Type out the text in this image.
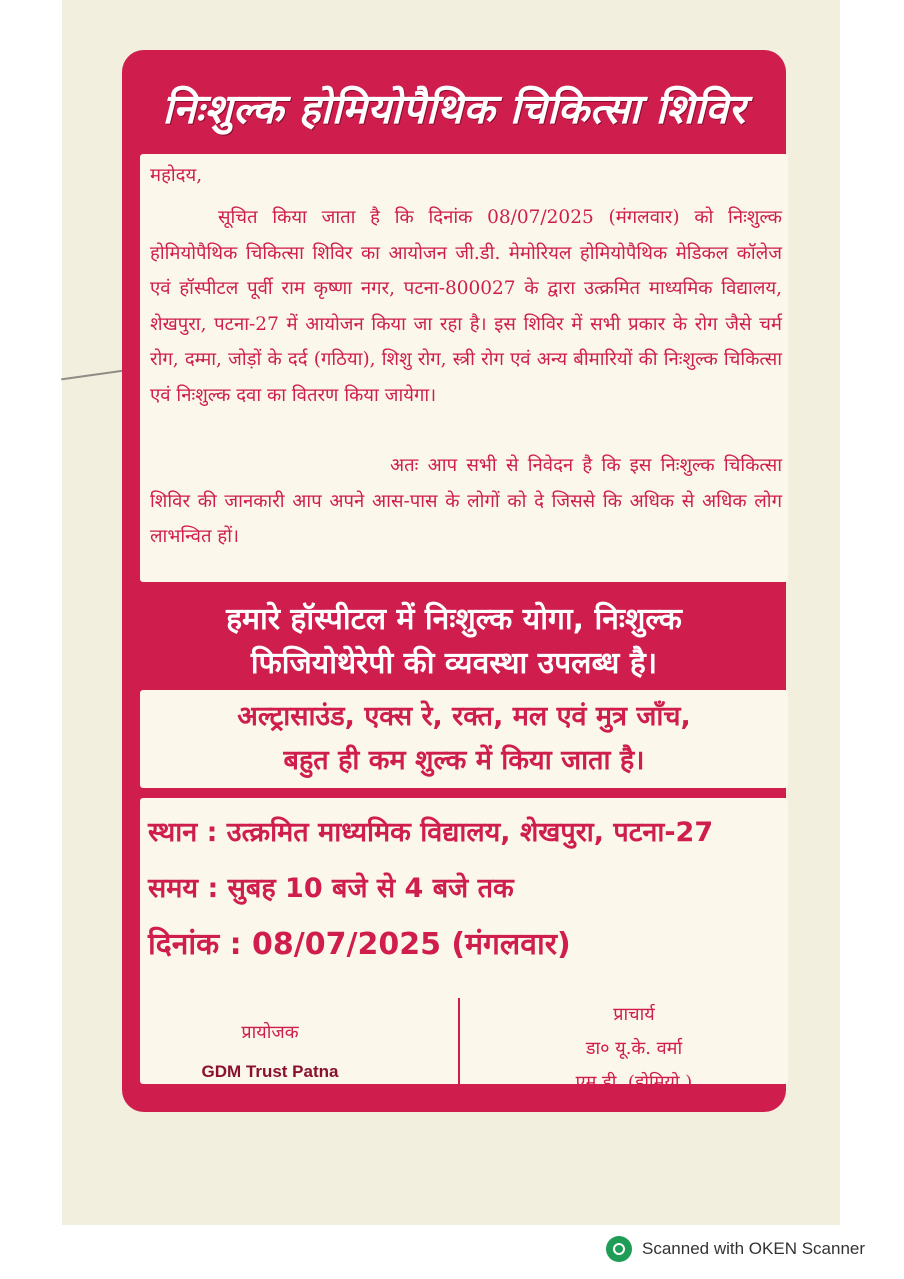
निःशुल्क होमियोपैथिक चिकित्सा शिविर
महोदय,
सूचित किया जाता है कि दिनांक 08/07/2025 (मंगलवार) को निःशुल्क होमियोपैथिक चिकित्सा शिविर का आयोजन जी.डी. मेमोरियल होमियोपैथिक मेडिकल कॉलेज एवं हॉस्पीटल पूर्वी राम कृष्णा नगर, पटना-800027 के द्वारा उत्क्रमित माध्यमिक विद्यालय, शेखपुरा, पटना-27 में आयोजन किया जा रहा है। इस शिविर में सभी प्रकार के रोग जैसे चर्म रोग, दम्मा, जोड़ों के दर्द (गठिया), शिशु रोग, स्त्री रोग एवं अन्य बीमारियों की निःशुल्क चिकित्सा एवं निःशुल्क दवा का वितरण किया जायेगा।
अतः आप सभी से निवेदन है कि इस निःशुल्क चिकित्सा शिविर की जानकारी आप अपने आस-पास के लोगों को दे जिससे कि अधिक से अधिक लोग लाभन्वित हों।
हमारे हॉस्पीटल में निःशुल्क योगा, निःशुल्क
फिजियोथेरेपी की व्यवस्था उपलब्ध है।
अल्ट्रासाउंड, एक्स रे, रक्त, मल एवं मुत्र जाँच,
बहुत ही कम शुल्क में किया जाता है।
स्थान : उत्क्रमित माध्यमिक विद्यालय, शेखपुरा, पटना-27
समय : सुबह 10 बजे से 4 बजे तक
दिनांक : 08/07/2025 (मंगलवार)
प्रायोजक
GDM Trust Patna
प्राचार्य
डा० यू.के. वर्मा
एम.डी. (होमियो.)
Scanned with OKEN Scanner
